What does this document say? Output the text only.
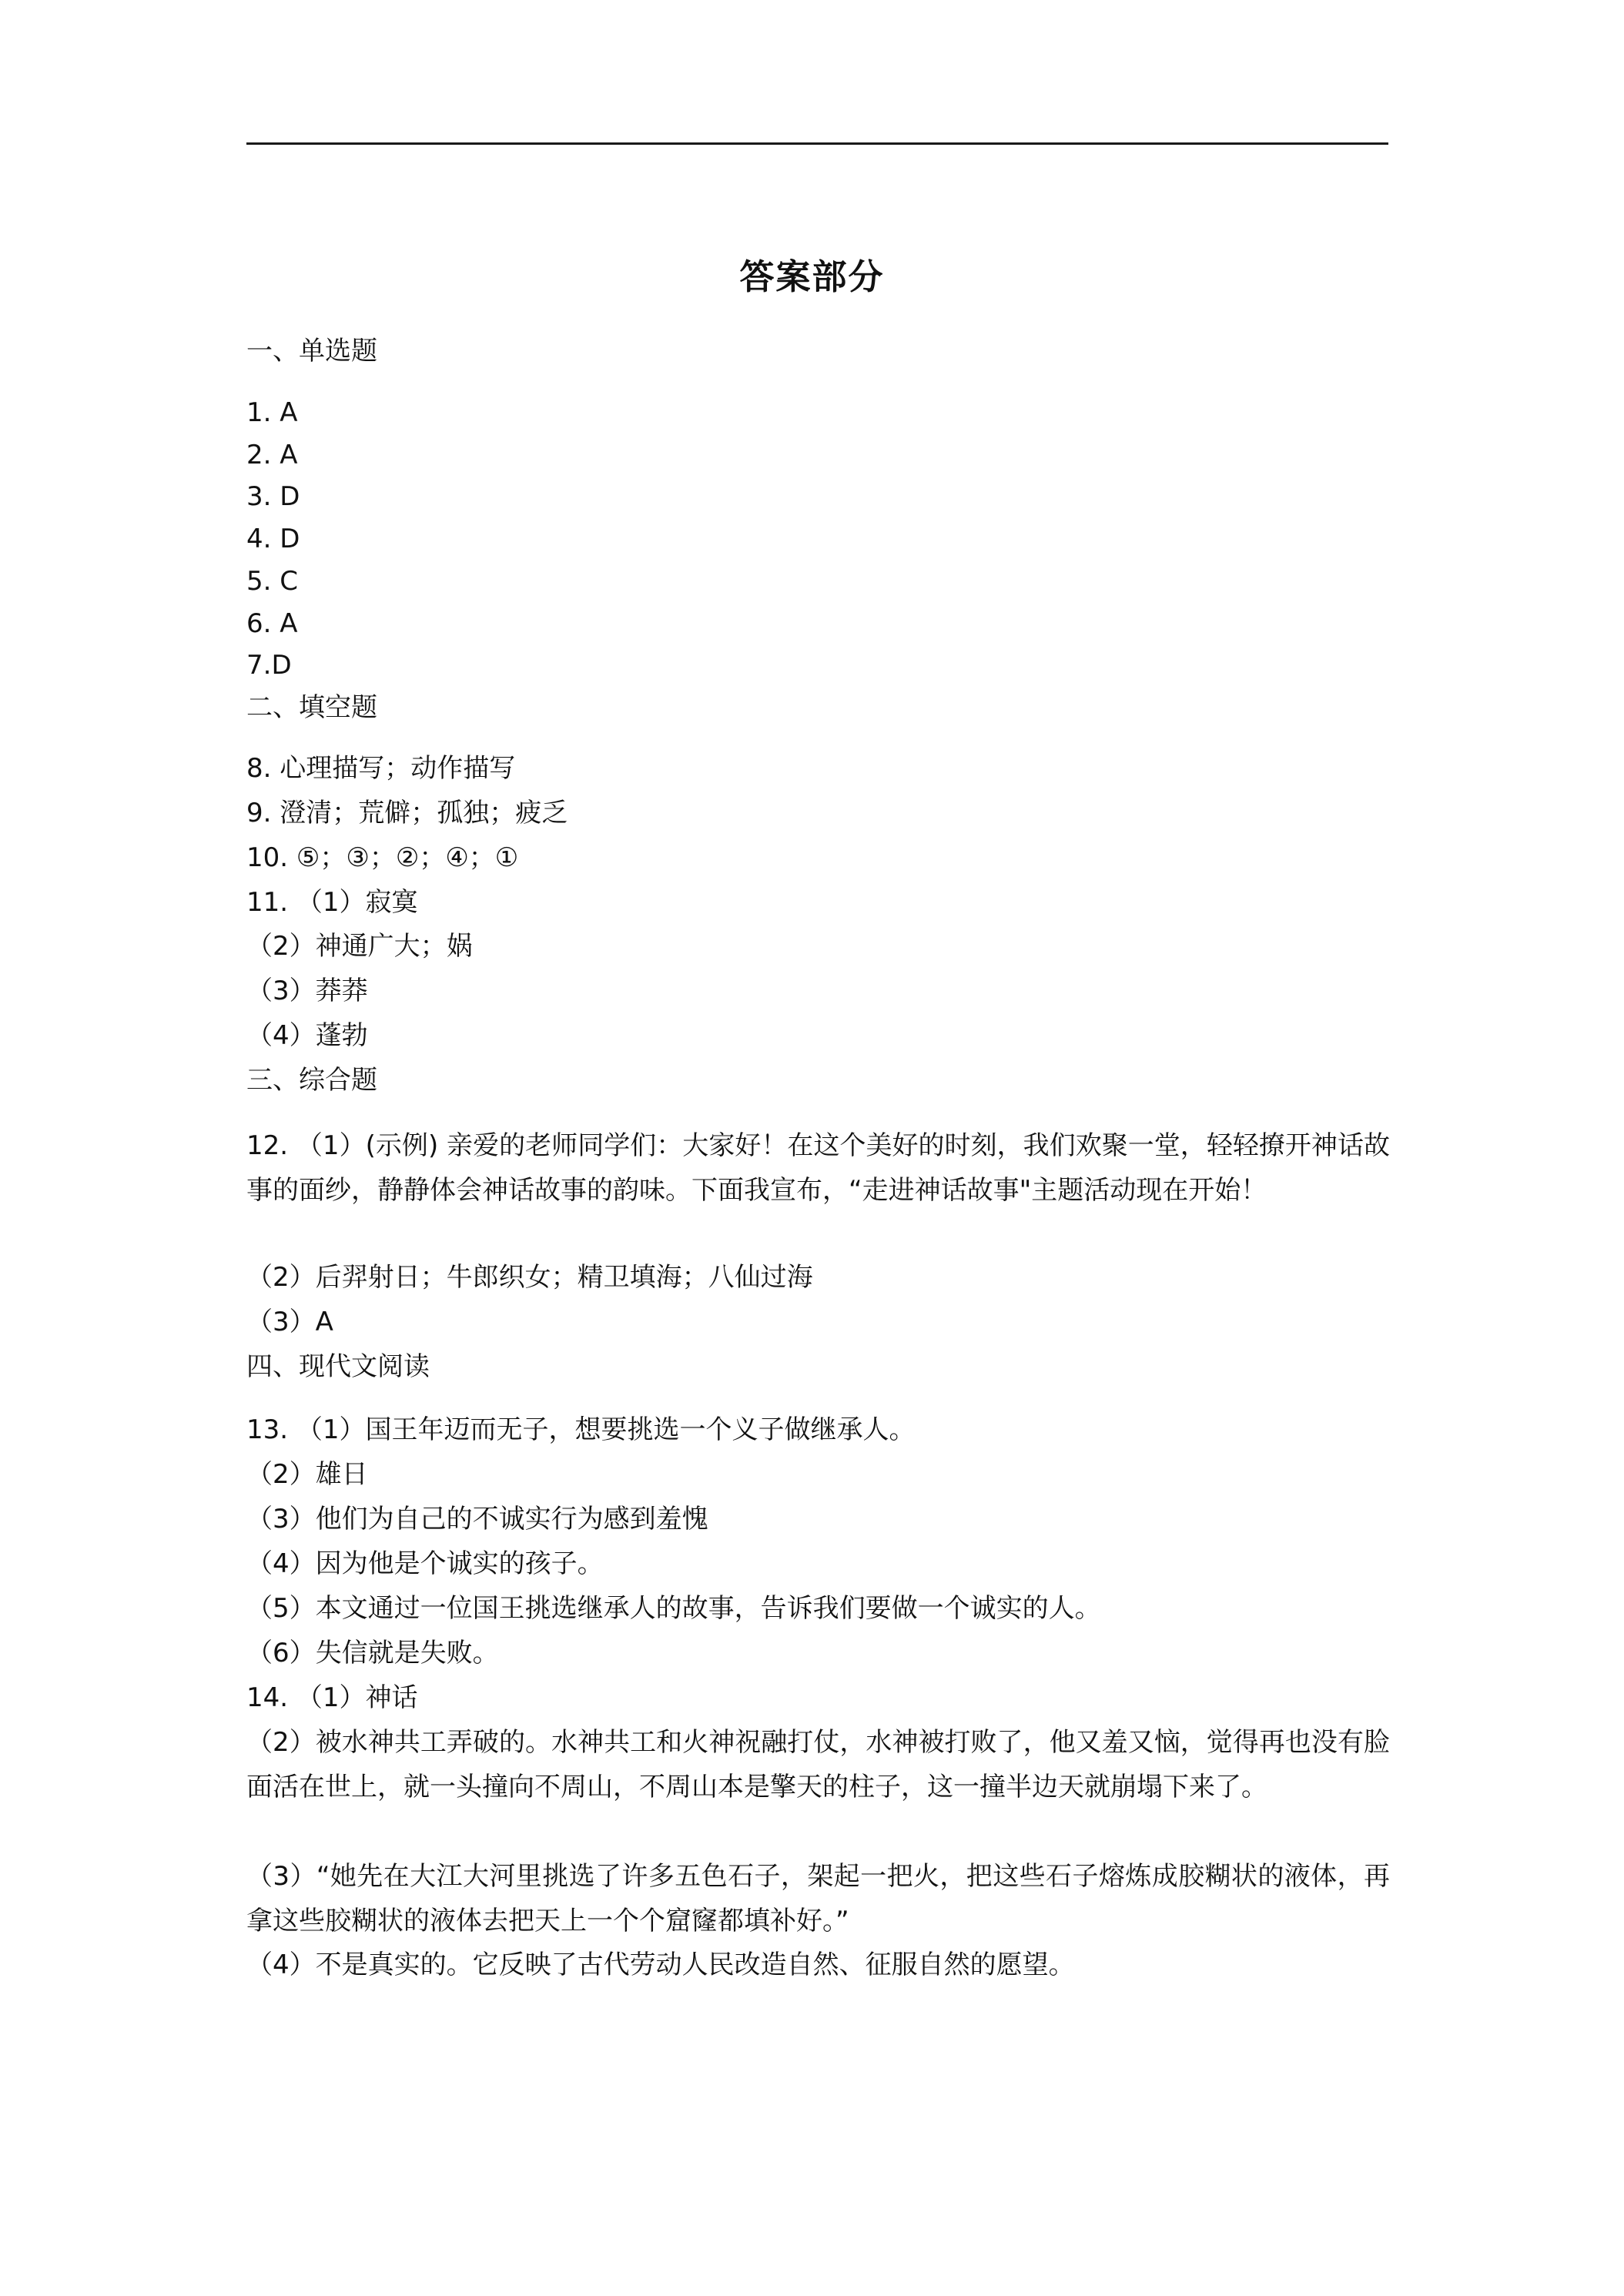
答案部分
一、单选题
1. A
2. A
3. D
4. D
5. C
6. A
7.D
二、填空题
8. 心理描写；动作描写
9. 澄清；荒僻；孤独；疲乏
10. ⑤；③；②；④；①
11. （1）寂寞
（2）神通广大；娲
（3）莽莽
（4）蓬勃
三、综合题
12. （1）(示例) 亲爱的老师同学们：大家好！在这个美好的时刻，我们欢聚一堂，轻轻撩开神话故事的面纱，静静体会神话故事的韵味。下面我宣布，“走进神话故事"主题活动现在开始！
（2）后羿射日；牛郎织女；精卫填海；八仙过海
（3）A
四、现代文阅读
13. （1）国王年迈而无子，想要挑选一个义子做继承人。
（2）雄日
（3）他们为自己的不诚实行为感到羞愧
（4）因为他是个诚实的孩子。
（5）本文通过一位国王挑选继承人的故事，告诉我们要做一个诚实的人。
（6）失信就是失败。
14. （1）神话
（2）被水神共工弄破的。水神共工和火神祝融打仗，水神被打败了，他又羞又恼，觉得再也没有脸面活在世上，就一头撞向不周山，不周山本是擎天的柱子，这一撞半边天就崩塌下来了。
（3）“她先在大江大河里挑选了许多五色石子，架起一把火，把这些石子熔炼成胶糊状的液体，再拿这些胶糊状的液体去把天上一个个窟窿都填补好。”
（4）不是真实的。它反映了古代劳动人民改造自然、征服自然的愿望。
